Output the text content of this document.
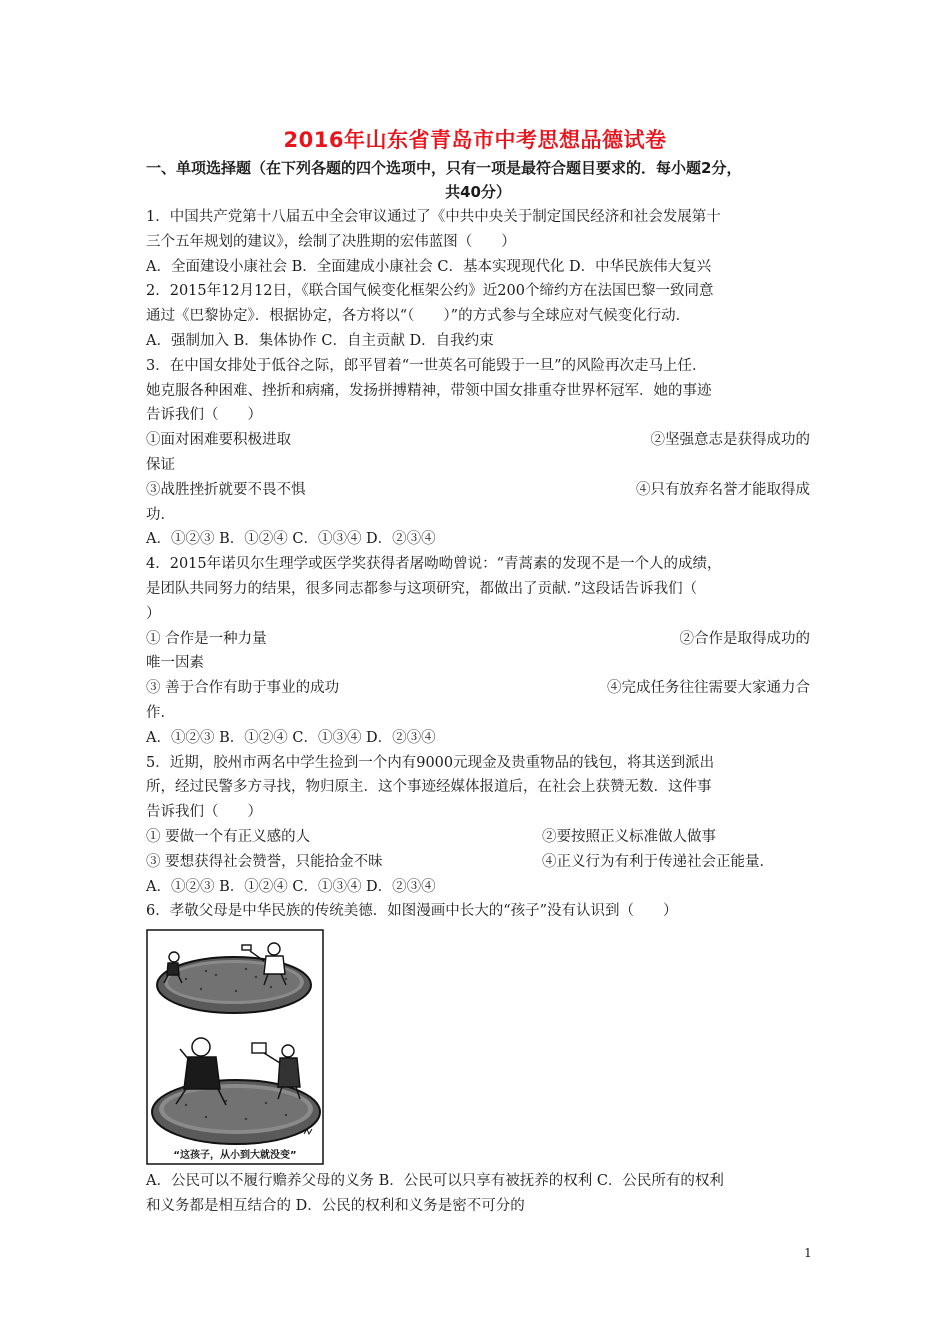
2016年山东省青岛市中考思想品德试卷
一、单项选择题（在下列各题的四个选项中，只有一项是最符合题目要求的．每小题2分，
共40分）
1．中国共产党第十八届五中全会审议通过了《中共中央关于制定国民经济和社会发展第十
三个五年规划的建议》，绘制了决胜期的宏伟蓝图（　　）
A．全面建设小康社会 B．全面建成小康社会 C．基本实现现代化 D．中华民族伟大复兴
2．2015年12月12日，《联合国气候变化框架公约》近200个缔约方在法国巴黎一致同意
通过《巴黎协定》．根据协定，各方将以“（　　）”的方式参与全球应对气候变化行动．
A．强制加入 B．集体协作 C．自主贡献 D．自我约束
3．在中国女排处于低谷之际，郎平冒着“一世英名可能毁于一旦”的风险再次走马上任．
她克服各种困难、挫折和病痛，发扬拼搏精神，带领中国女排重夺世界杯冠军．她的事迹
告诉我们（　　）
①面对困难要积极进取	②坚强意志是获得成功的
保证
③战胜挫折就要不畏不惧	④只有放弃名誉才能取得成
功．
A．①②③ B．①②④ C．①③④ D．②③④
4．2015年诺贝尔生理学或医学奖获得者屠呦呦曾说：“青蒿素的发现不是一个人的成绩，
是团队共同努力的结果，很多同志都参与这项研究，都做出了贡献．”这段话告诉我们（
）
① 合作是一种力量	②合作是取得成功的
唯一因素
③ 善于合作有助于事业的成功	④完成任务往往需要大家通力合
作．
A．①②③ B．①②④ C．①③④ D．②③④
5．近期，胶州市两名中学生捡到一个内有9000元现金及贵重物品的钱包，将其送到派出
所，经过民警多方寻找，物归原主．这个事迹经媒体报道后，在社会上获赞无数．这件事
告诉我们（　　）
① 要做一个有正义感的人	②要按照正义标准做人做事
③ 要想获得社会赞誉，只能拾金不昧	④正义行为有利于传递社会正能量．
A．①②③ B．①②④ C．①③④ D．②③④
6．孝敬父母是中华民族的传统美德．如图漫画中长大的“孩子”没有认识到（　　）
“这孩子，从小到大就没变”
A．公民可以不履行赡养父母的义务 B．公民可以只享有被抚养的权利 C．公民所有的权利
和义务都是相互结合的 D．公民的权利和义务是密不可分的
1
